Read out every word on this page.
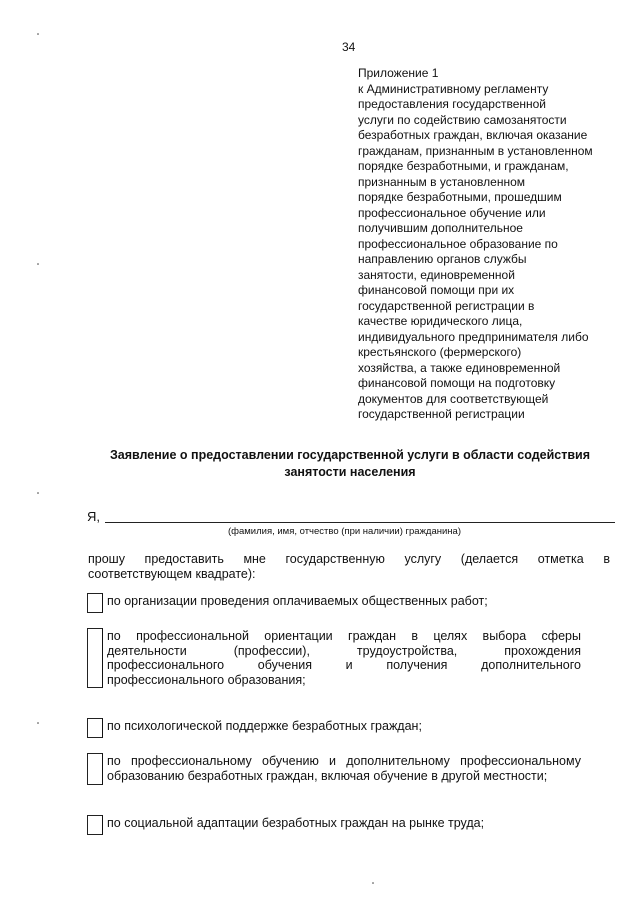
34
Приложение 1
к Административному регламенту
предоставления государственной
услуги по содействию самозанятости
безработных граждан, включая оказание
гражданам, признанным в установленном
порядке безработными, и гражданам,
признанным в установленном
порядке безработными, прошедшим
профессиональное обучение или
получившим дополнительное
профессиональное образование по
направлению органов службы
занятости, единовременной
финансовой помощи при их
государственной регистрации в
качестве юридического лица,
индивидуального предпринимателя либо
крестьянского (фермерского)
хозяйства, а также единовременной
финансовой помощи на подготовку
документов для соответствующей
государственной регистрации
Заявление о предоставлении государственной услуги в области содействия
занятости населения
Я,
(фамилия, имя, отчество (при наличии) гражданина)
прошу предоставить мне государственную услугу (делается отметка в
соответствующем квадрате):
по организации проведения оплачиваемых общественных работ;
по профессиональной ориентации граждан в целях выбора сферы
деятельности	(профессии),	трудоустройства,	прохождения
профессионального	обучения	и	получения	дополнительного
профессионального образования;
по психологической поддержке безработных граждан;
по профессиональному обучению и дополнительному профессиональному
образованию безработных граждан, включая обучение в другой местности;
по социальной адаптации безработных граждан на рынке труда;
